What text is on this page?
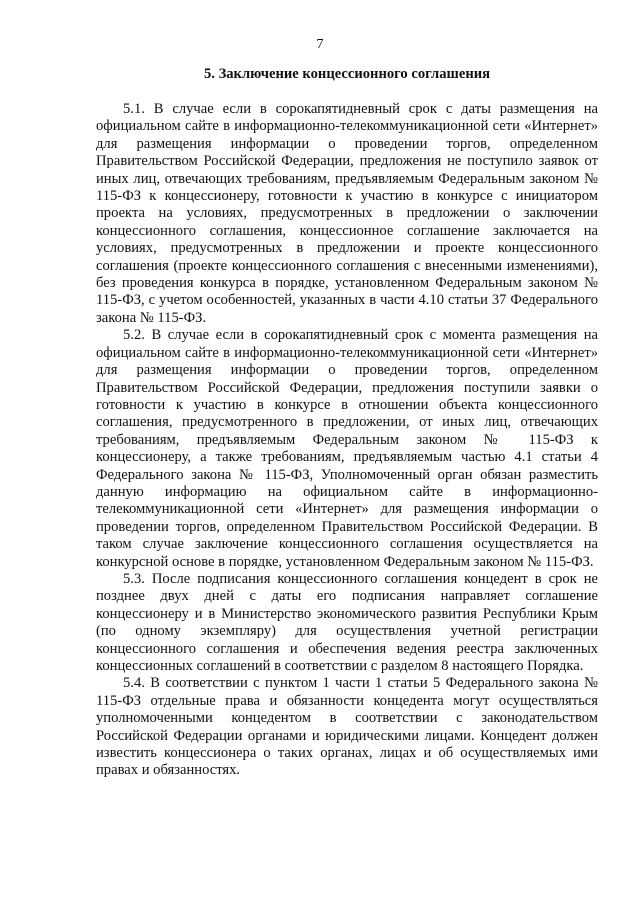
7
5. Заключение концессионного соглашения

5.1. В случае если в сорокапятидневный срок с даты размещения на официальном сайте в информационно-телекоммуникационной сети «Интернет» для размещения информации о проведении торгов, определенном Правительством Российской Федерации, предложения не поступило заявок от иных лиц, отвечающих требованиям, предъявляемым Федеральным законом № 115-ФЗ к концессионеру, готовности к участию в конкурсе с инициатором проекта на условиях, предусмотренных в предложении о заключении концессионного соглашения, концессионное соглашение заключается на условиях, предусмотренных в предложении и проекте концессионного соглашения (проекте концессионного соглашения с внесенными изменениями), без проведения конкурса в порядке, установленном Федеральным законом № 115-ФЗ, с учетом особенностей, указанных в части 4.10 статьи 37 Федерального закона № 115-ФЗ.

5.2. В случае если в сорокапятидневный срок с момента размещения на официальном сайте в информационно-телекоммуникационной сети «Интернет» для размещения информации о проведении торгов, определенном Правительством Российской Федерации, предложения поступили заявки о готовности к участию в конкурсе в отношении объекта концессионного соглашения, предусмотренного в предложении, от иных лиц, отвечающих требованиям, предъявляемым Федеральным законом № 115-ФЗ к концессионеру, а также требованиям, предъявляемым частью 4.1 статьи 4 Федерального закона № 115-ФЗ, Уполномоченный орган обязан разместить данную информацию на официальном сайте в информационно-телекоммуникационной сети «Интернет» для размещения информации о проведении торгов, определенном Правительством Российской Федерации. В таком случае заключение концессионного соглашения осуществляется на конкурсной основе в порядке, установленном Федеральным законом № 115-ФЗ.

5.3. После подписания концессионного соглашения концедент в срок не позднее двух дней с даты его подписания направляет соглашение концессионеру и в Министерство экономического развития Республики Крым (по одному экземпляру) для осуществления учетной регистрации концессионного соглашения и обеспечения ведения реестра заключенных концессионных соглашений в соответствии с разделом 8 настоящего Порядка.

5.4. В соответствии с пунктом 1 части 1 статьи 5 Федерального закона № 115-ФЗ отдельные права и обязанности концедента могут осуществляться уполномоченными концедентом в соответствии с законодательством Российской Федерации органами и юридическими лицами. Концедент должен известить концессионера о таких органах, лицах и об осуществляемых ими правах и обязанностях.
